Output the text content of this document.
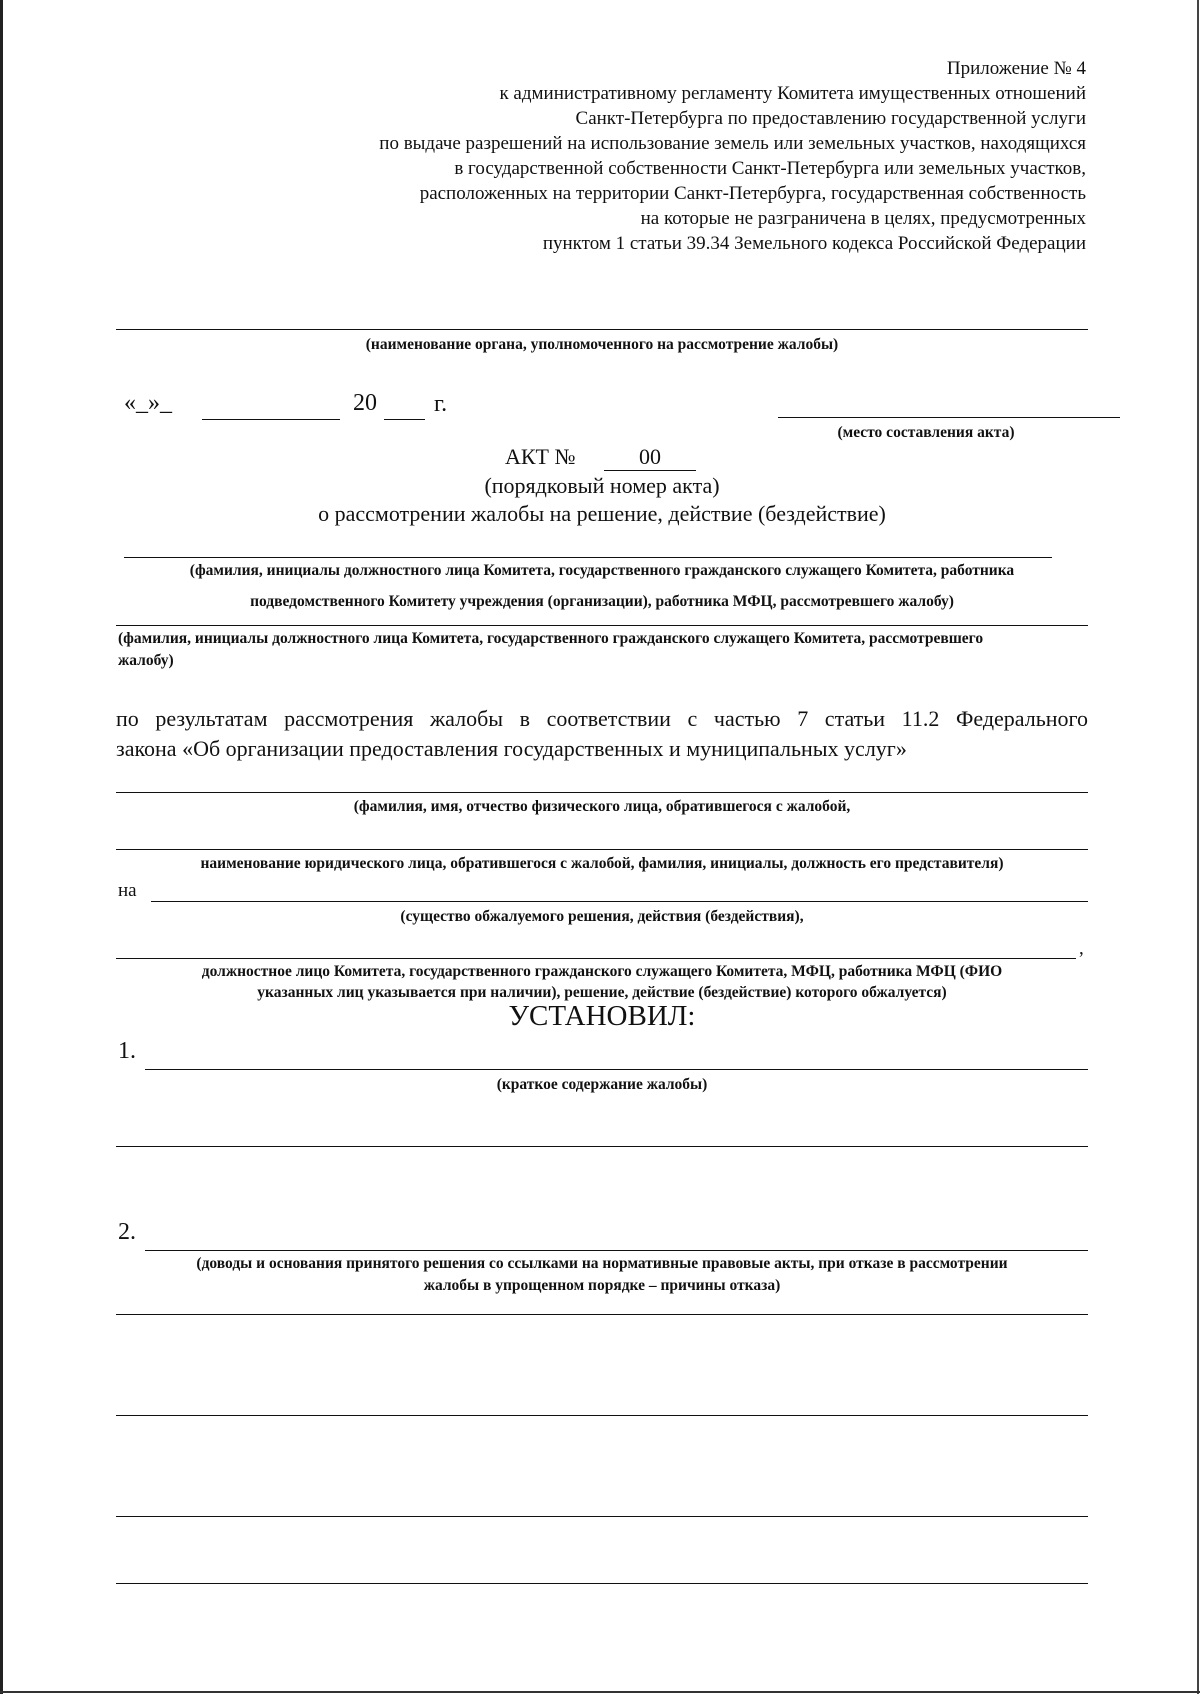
Приложение № 4
к административному регламенту Комитета имущественных отношений
Санкт-Петербурга по предоставлению государственной услуги
по выдаче разрешений на использование земель или земельных участков, находящихся
в государственной собственности Санкт-Петербурга или земельных участков,
расположенных на территории Санкт-Петербурга, государственная собственность
на которые не разграничена в целях, предусмотренных
пунктом 1 статьи 39.34 Земельного кодекса Российской Федерации
(наименование органа, уполномоченного на рассмотрение жалобы)
«_»_	20 г.
(место составления акта)
АКТ №	00
(порядковый номер акта)
о рассмотрении жалобы на решение, действие (бездействие)
(фамилия, инициалы должностного лица Комитета, государственного гражданского служащего Комитета, работника
подведомственного Комитету учреждения (организации), работника МФЦ, рассмотревшего жалобу)
(фамилия, инициалы должностного лица Комитета, государственного гражданского служащего Комитета, рассмотревшего
жалобу)
по результатам рассмотрения жалобы в соответствии с частью 7 статьи 11.2 Федерального
закона «Об организации предоставления государственных и муниципальных услуг»
(фамилия, имя, отчество физического лица, обратившегося с жалобой,
наименование юридического лица, обратившегося с жалобой, фамилия, инициалы, должность его представителя)
на
(существо обжалуемого решения, действия (бездействия),
,
должностное лицо Комитета, государственного гражданского служащего Комитета, МФЦ, работника МФЦ (ФИО
указанных лиц указывается при наличии), решение, действие (бездействие) которого обжалуется)
УСТАНОВИЛ:
1.
(краткое содержание жалобы)
2.
(доводы и основания принятого решения со ссылками на нормативные правовые акты, при отказе в рассмотрении
жалобы в упрощенном порядке – причины отказа)
